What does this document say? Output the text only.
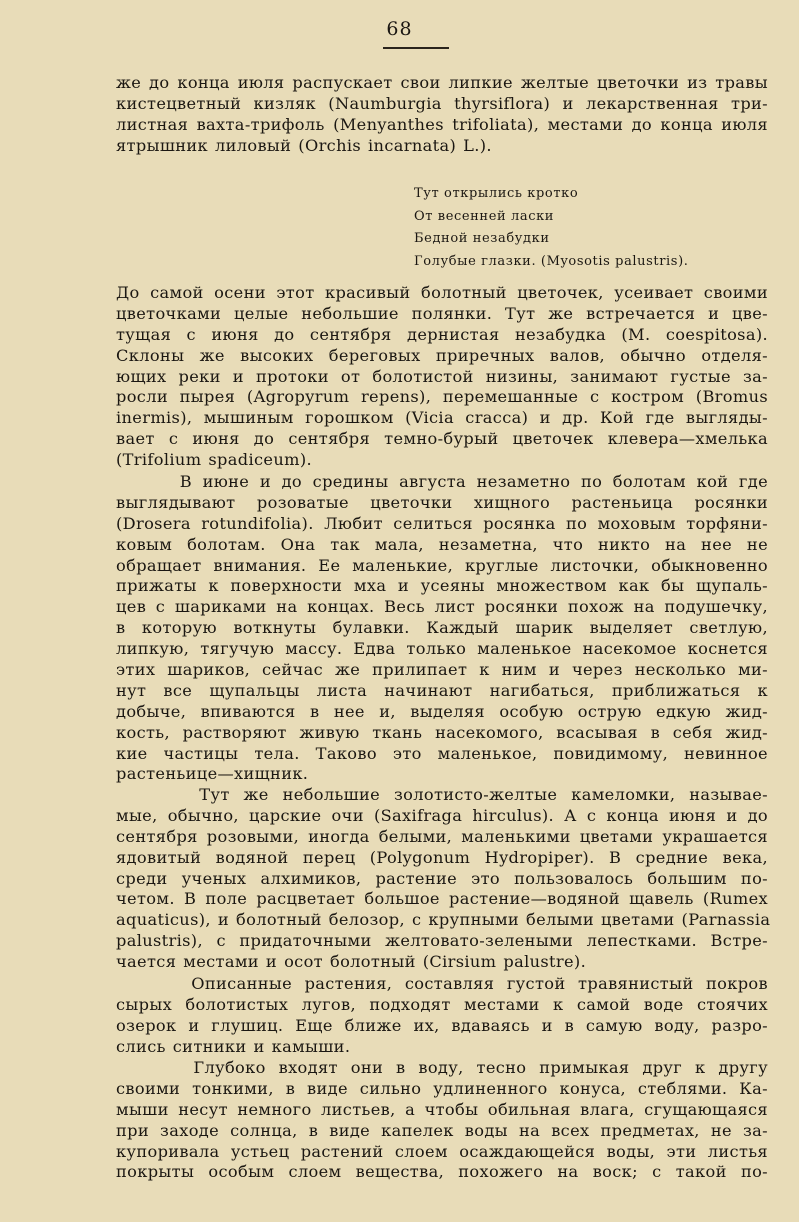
68
же до конца июля распускает свои липкие желтые цветочки из травы
кистецветный кизляк (Naumburgia thyrsiflora) и лекарственная три-
листная вахта-трифоль (Menyanthes trifoliata), местами до конца июля
ятрышник лиловый (Orchis incarnata) L.).
Тут открылись кротко
От весенней ласки
Бедной незабудки
Голубые глазки. (Myosotis palustris).
До самой осени этот красивый болотный цветочек, усеивает своими
цветочками целые небольшие полянки. Тут же встречается и цве-
тущая с июня до сентября дернистая незабудка (M. coespitosa).
Склоны же высоких береговых приречных валов, обычно отделя-
ющих реки и протоки от болотистой низины, занимают густые за-
росли пырея (Agropyrum repens), перемешанные с костром (Bromus
inermis), мышиным горошком (Vicia cracca) и др. Кой где выгляды-
вает с июня до сентября темно-бурый цветочек клевера—хмелька
(Trifolium spadiceum).
В июне и до средины августа незаметно по болотам кой где
выглядывают розоватые цветочки хищного растеньица росянки
(Drosera rotundifolia). Любит селиться росянка по моховым торфяни-
ковым болотам. Она так мала, незаметна, что никто на нее не
обращает внимания. Ее маленькие, круглые листочки, обыкновенно
прижаты к поверхности мха и усеяны множеством как бы щупаль-
цев с шариками на концах. Весь лист росянки похож на подушечку,
в которую воткнуты булавки. Каждый шарик выделяет светлую,
липкую, тягучую массу. Едва только маленькое насекомое коснется
этих шариков, сейчас же прилипает к ним и через несколько ми-
нут все щупальцы листа начинают нагибаться, приближаться к
добыче, впиваются в нее и, выделяя особую острую едкую жид-
кость, растворяют живую ткань насекомого, всасывая в себя жид-
кие частицы тела. Таково это маленькое, повидимому, невинное
растеньице—хищник.
Тут же небольшие золотисто-желтые камеломки, называе-
мые, обычно, царские очи (Saxifraga hirculus). А с конца июня и до
сентября розовыми, иногда белыми, маленькими цветами украшается
ядовитый водяной перец (Polygonum Hydropiper). В средние века,
среди ученых алхимиков, растение это пользовалось большим по-
четом. В поле расцветает большое растение—водяной щавель (Rumex
aquaticus), и болотный белозор, с крупными белыми цветами (Parnassia
palustris), с придаточными желтовато-зелеными лепестками. Встре-
чается местами и осот болотный (Cirsium palustre).
Описанные растения, составляя густой травянистый покров
сырых болотистых лугов, подходят местами к самой воде стоячих
озерок и глушиц. Еще ближе их, вдаваясь и в самую воду, разро-
слись ситники и камыши.
Глубоко входят они в воду, тесно примыкая друг к другу
своими тонкими, в виде сильно удлиненного конуса, стеблями. Ка-
мыши несут немного листьев, а чтобы обильная влага, сгущающаяся
при заходе солнца, в виде капелек воды на всех предметах, не за-
купоривала устьец растений слоем осаждающейся воды, эти листья
покрыты особым слоем вещества, похожего на воск; с такой по-
